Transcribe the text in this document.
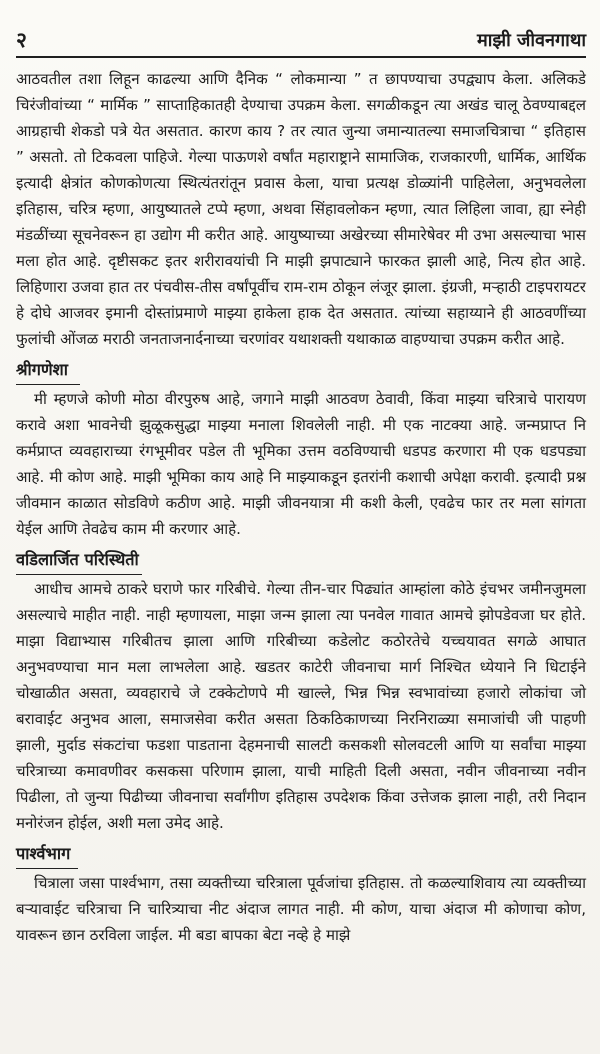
२	माझी जीवनगाथा

आठवतील तशा लिहून काढल्या आणि दैनिक “ लोकमान्या ” त छापण्याचा उपद्व्याप केला. अलिकडे चिरंजीवांच्या “ मार्मिक ” साप्ताहिकातही देण्याचा उपक्रम केला. सगळीकडून त्या अखंड चालू ठेवण्याबद्दल आग्रहाची शेकडो पत्रे येत असतात. कारण काय ? तर त्यात जुन्या जमान्यातल्या समाजचित्राचा “ इतिहास ” असतो. तो टिकवला पाहिजे. गेल्या पाऊणशे वर्षांत महाराष्ट्राने सामाजिक, राजकारणी, धार्मिक, आर्थिक इत्यादी क्षेत्रांत कोणकोणत्या स्थित्यंतरांतून प्रवास केला, याचा प्रत्यक्ष डोळ्यांनी पाहिलेला, अनुभवलेला इतिहास, चरित्र म्हणा, आयुष्यातले टप्पे म्हणा, अथवा सिंहावलोकन म्हणा, त्यात लिहिला जावा, ह्या स्नेही मंडळींच्या सूचनेवरून हा उद्योग मी करीत आहे. आयुष्याच्या अखेरच्या सीमारेषेवर मी उभा असल्याचा भास मला होत आहे. दृष्टीसकट इतर शरीरावयांची नि माझी झपाट्याने फारकत झाली आहे, नित्य होत आहे. लिहिणारा उजवा हात तर पंचवीस-तीस वर्षांपूर्वीच राम-राम ठोकून लंजूर झाला. इंग्रजी, मऱ्हाठी टाइपरायटर हे दोघे आजवर इमानी दोस्तांप्रमाणे माझ्या हाकेला हाक देत असतात. त्यांच्या सहाय्याने ही आठवणींच्या फुलांची ओंजळ मराठी जनताजनार्दनाच्या चरणांवर यथाशक्ती यथाकाळ वाहण्याचा उपक्रम करीत आहे.

श्रीगणेशा

मी म्हणजे कोणी मोठा वीरपुरुष आहे, जगाने माझी आठवण ठेवावी, किंवा माझ्या चरित्राचे पारायण करावे अशा भावनेची झुळूकसुद्धा माझ्या मनाला शिवलेली नाही. मी एक नाटक्या आहे. जन्मप्राप्त नि कर्मप्राप्त व्यवहाराच्या रंगभूमीवर पडेल ती भूमिका उत्तम वठविण्याची धडपड करणारा मी एक धडपड्या आहे. मी कोण आहे. माझी भूमिका काय आहे नि माझ्याकडून इतरांनी कशाची अपेक्षा करावी. इत्यादी प्रश्न जीवमान काळात सोडविणे कठीण आहे. माझी जीवनयात्रा मी कशी केली, एवढेच फार तर मला सांगता येईल आणि तेवढेच काम मी करणार आहे.

वडिलार्जित परिस्थिती

आधीच आमचे ठाकरे घराणे फार गरिबीचे. गेल्या तीन-चार पिढ्यांत आम्हांला कोठे इंचभर जमीनजुमला असल्याचे माहीत नाही. नाही म्हणायला, माझा जन्म झाला त्या पनवेल गावात आमचे झोपडेवजा घर होते. माझा विद्याभ्यास गरिबीतच झाला आणि गरिबीच्या कडेलोट कठोरतेचे यच्चयावत सगळे आघात अनुभवण्याचा मान मला लाभलेला आहे. खडतर काटेरी जीवनाचा मार्ग निश्चित ध्येयाने नि धिटाईने चोखाळीत असता, व्यवहाराचे जे टक्केटोणपे मी खाल्ले, भिन्न भिन्न स्वभावांच्या हजारो लोकांचा जो बरावाईट अनुभव आला, समाजसेवा करीत असता ठिकठिकाणच्या निरनिराळ्या समाजांची जी पाहणी झाली, मुर्दाड संकटांचा फडशा पाडताना देहमनाची सालटी कसकशी सोलवटली आणि या सर्वांचा माझ्या चरित्राच्या कमावणीवर कसकसा परिणाम झाला, याची माहिती दिली असता, नवीन जीवनाच्या नवीन पिढीला, तो जुन्या पिढीच्या जीवनाचा सर्वांगीण इतिहास उपदेशक किंवा उत्तेजक झाला नाही, तरी निदान मनोरंजन होईल, अशी मला उमेद आहे.

पार्श्वभाग

चित्राला जसा पार्श्वभाग, तसा व्यक्तीच्या चरित्राला पूर्वजांचा इतिहास. तो कळल्याशिवाय त्या व्यक्तीच्या बऱ्यावाईट चरित्राचा नि चारित्र्याचा नीट अंदाज लागत नाही. मी कोण, याचा अंदाज मी कोणाचा कोण, यावरून छान ठरविला जाईल. मी बडा बापका बेटा नव्हे हे माझे
